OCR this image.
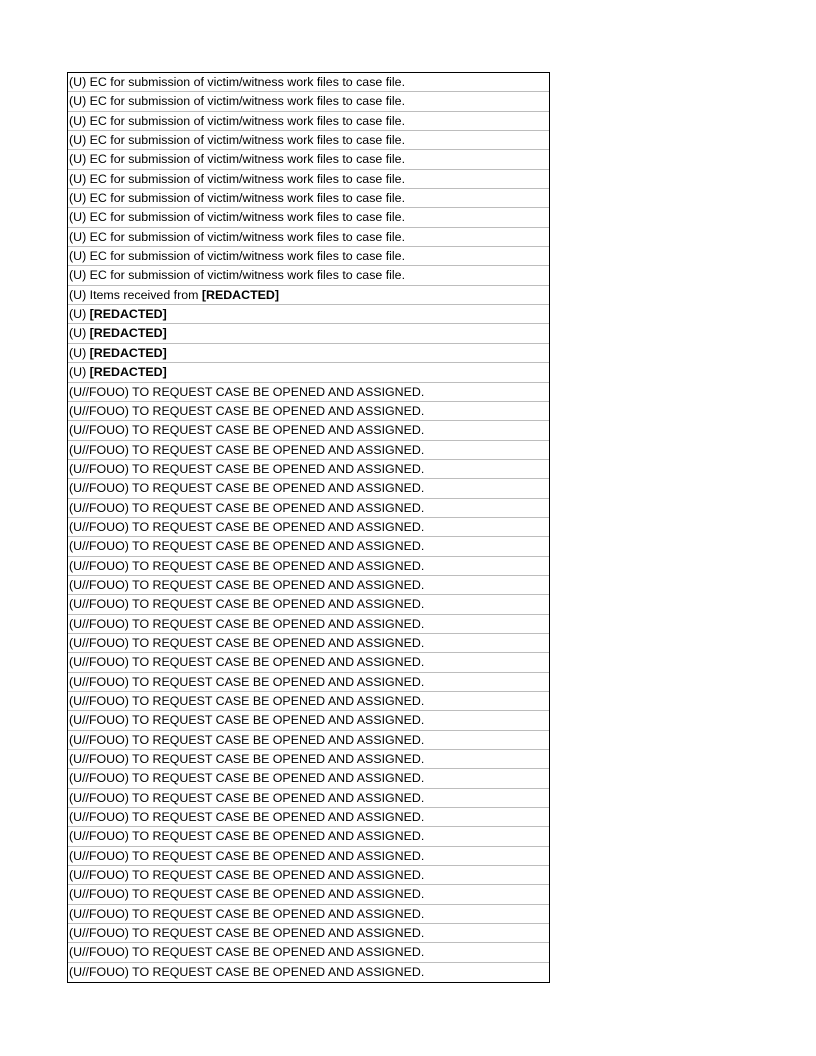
(U) EC for submission of victim/witness work files to case file.
(U) EC for submission of victim/witness work files to case file.
(U) EC for submission of victim/witness work files to case file.
(U) EC for submission of victim/witness work files to case file.
(U) EC for submission of victim/witness work files to case file.
(U) EC for submission of victim/witness work files to case file.
(U) EC for submission of victim/witness work files to case file.
(U) EC for submission of victim/witness work files to case file.
(U) EC for submission of victim/witness work files to case file.
(U) EC for submission of victim/witness work files to case file.
(U) EC for submission of victim/witness work files to case file.
(U) Items received from [REDACTED]
(U) [REDACTED]
(U) [REDACTED]
(U) [REDACTED]
(U) [REDACTED]
(U//FOUO) TO REQUEST CASE BE OPENED AND ASSIGNED.
(U//FOUO) TO REQUEST CASE BE OPENED AND ASSIGNED.
(U//FOUO) TO REQUEST CASE BE OPENED AND ASSIGNED.
(U//FOUO) TO REQUEST CASE BE OPENED AND ASSIGNED.
(U//FOUO) TO REQUEST CASE BE OPENED AND ASSIGNED.
(U//FOUO) TO REQUEST CASE BE OPENED AND ASSIGNED.
(U//FOUO) TO REQUEST CASE BE OPENED AND ASSIGNED.
(U//FOUO) TO REQUEST CASE BE OPENED AND ASSIGNED.
(U//FOUO) TO REQUEST CASE BE OPENED AND ASSIGNED.
(U//FOUO) TO REQUEST CASE BE OPENED AND ASSIGNED.
(U//FOUO) TO REQUEST CASE BE OPENED AND ASSIGNED.
(U//FOUO) TO REQUEST CASE BE OPENED AND ASSIGNED.
(U//FOUO) TO REQUEST CASE BE OPENED AND ASSIGNED.
(U//FOUO) TO REQUEST CASE BE OPENED AND ASSIGNED.
(U//FOUO) TO REQUEST CASE BE OPENED AND ASSIGNED.
(U//FOUO) TO REQUEST CASE BE OPENED AND ASSIGNED.
(U//FOUO) TO REQUEST CASE BE OPENED AND ASSIGNED.
(U//FOUO) TO REQUEST CASE BE OPENED AND ASSIGNED.
(U//FOUO) TO REQUEST CASE BE OPENED AND ASSIGNED.
(U//FOUO) TO REQUEST CASE BE OPENED AND ASSIGNED.
(U//FOUO) TO REQUEST CASE BE OPENED AND ASSIGNED.
(U//FOUO) TO REQUEST CASE BE OPENED AND ASSIGNED.
(U//FOUO) TO REQUEST CASE BE OPENED AND ASSIGNED.
(U//FOUO) TO REQUEST CASE BE OPENED AND ASSIGNED.
(U//FOUO) TO REQUEST CASE BE OPENED AND ASSIGNED.
(U//FOUO) TO REQUEST CASE BE OPENED AND ASSIGNED.
(U//FOUO) TO REQUEST CASE BE OPENED AND ASSIGNED.
(U//FOUO) TO REQUEST CASE BE OPENED AND ASSIGNED.
(U//FOUO) TO REQUEST CASE BE OPENED AND ASSIGNED.
(U//FOUO) TO REQUEST CASE BE OPENED AND ASSIGNED.
(U//FOUO) TO REQUEST CASE BE OPENED AND ASSIGNED.
